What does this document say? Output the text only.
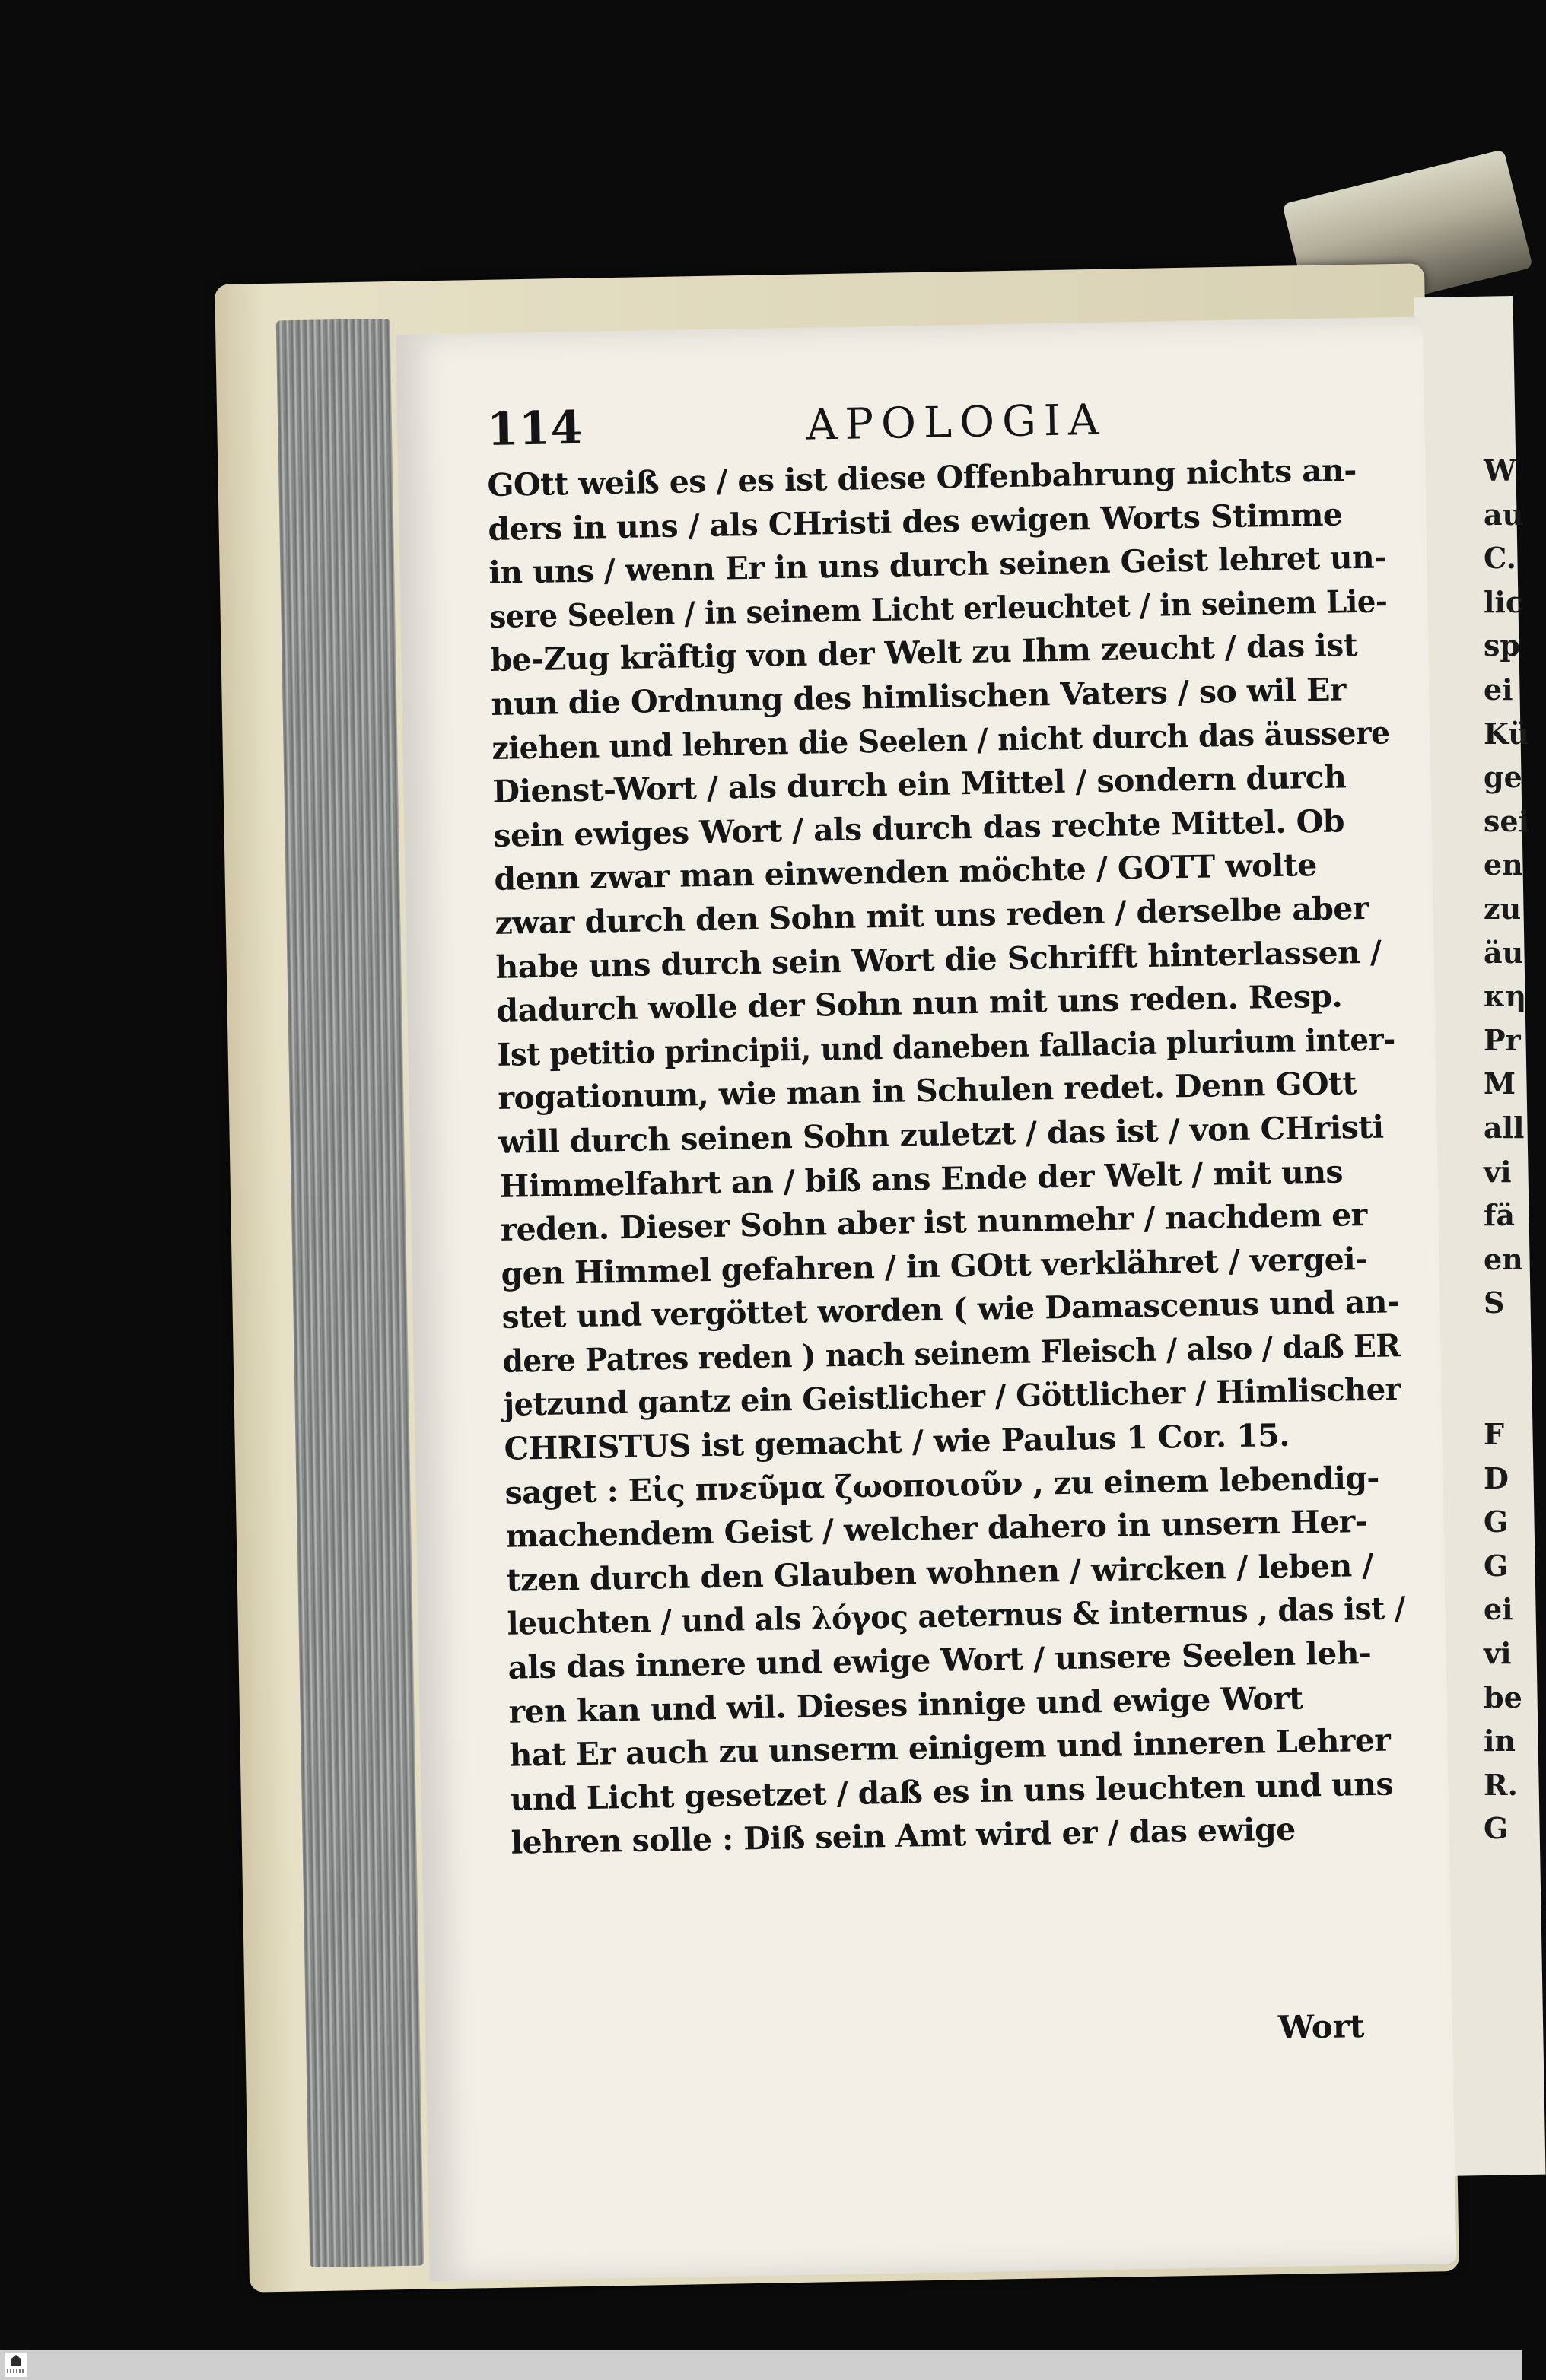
W
au
C.
lic
sp
ei
Kü
ge
sei
en
zu
äu
κη
Pr
M
all
vi
fä
en
S
F
D
G
G
ei
vi
be
in
R.
G
114	APOLOGIA
GOtt weiß es / es ist diese Offenbahrung nichts an-
ders in uns / als CHristi des ewigen Worts Stimme
in uns / wenn Er in uns durch seinen Geist lehret un-
sere Seelen / in seinem Licht erleuchtet / in seinem Lie-
be-Zug kräftig von der Welt zu Ihm zeucht / das ist
nun die Ordnung des himlischen Vaters / so wil Er
ziehen und lehren die Seelen / nicht durch das äussere
Dienst-Wort / als durch ein Mittel / sondern durch
sein ewiges Wort / als durch das rechte Mittel. Ob
denn zwar man einwenden möchte / GOTT wolte
zwar durch den Sohn mit uns reden / derselbe aber
habe uns durch sein Wort die Schrifft hinterlassen /
dadurch wolle der Sohn nun mit uns reden. Resp.
Ist petitio principii, und daneben fallacia plurium inter-
rogationum, wie man in Schulen redet. Denn GOtt
will durch seinen Sohn zuletzt / das ist / von CHristi
Himmelfahrt an / biß ans Ende der Welt / mit uns
reden. Dieser Sohn aber ist nunmehr / nachdem er
gen Himmel gefahren / in GOtt verklähret / vergei-
stet und vergöttet worden ( wie Damascenus und an-
dere Patres reden ) nach seinem Fleisch / also / daß ER
jetzund gantz ein Geistlicher / Göttlicher / Himlischer
CHRISTUS ist gemacht / wie Paulus 1 Cor. 15.
saget : Εἰς πνεῦμα ζωοποιοῦν , zu einem lebendig-
machendem Geist / welcher dahero in unsern Her-
tzen durch den Glauben wohnen / wircken / leben /
leuchten / und als λόγος aeternus & internus , das ist /
als das innere und ewige Wort / unsere Seelen leh-
ren kan und wil. Dieses innige und ewige Wort
hat Er auch zu unserm einigem und inneren Lehrer
und Licht gesetzet / daß es in uns leuchten und uns
lehren solle : Diß sein Amt wird er / das ewige
Wort
